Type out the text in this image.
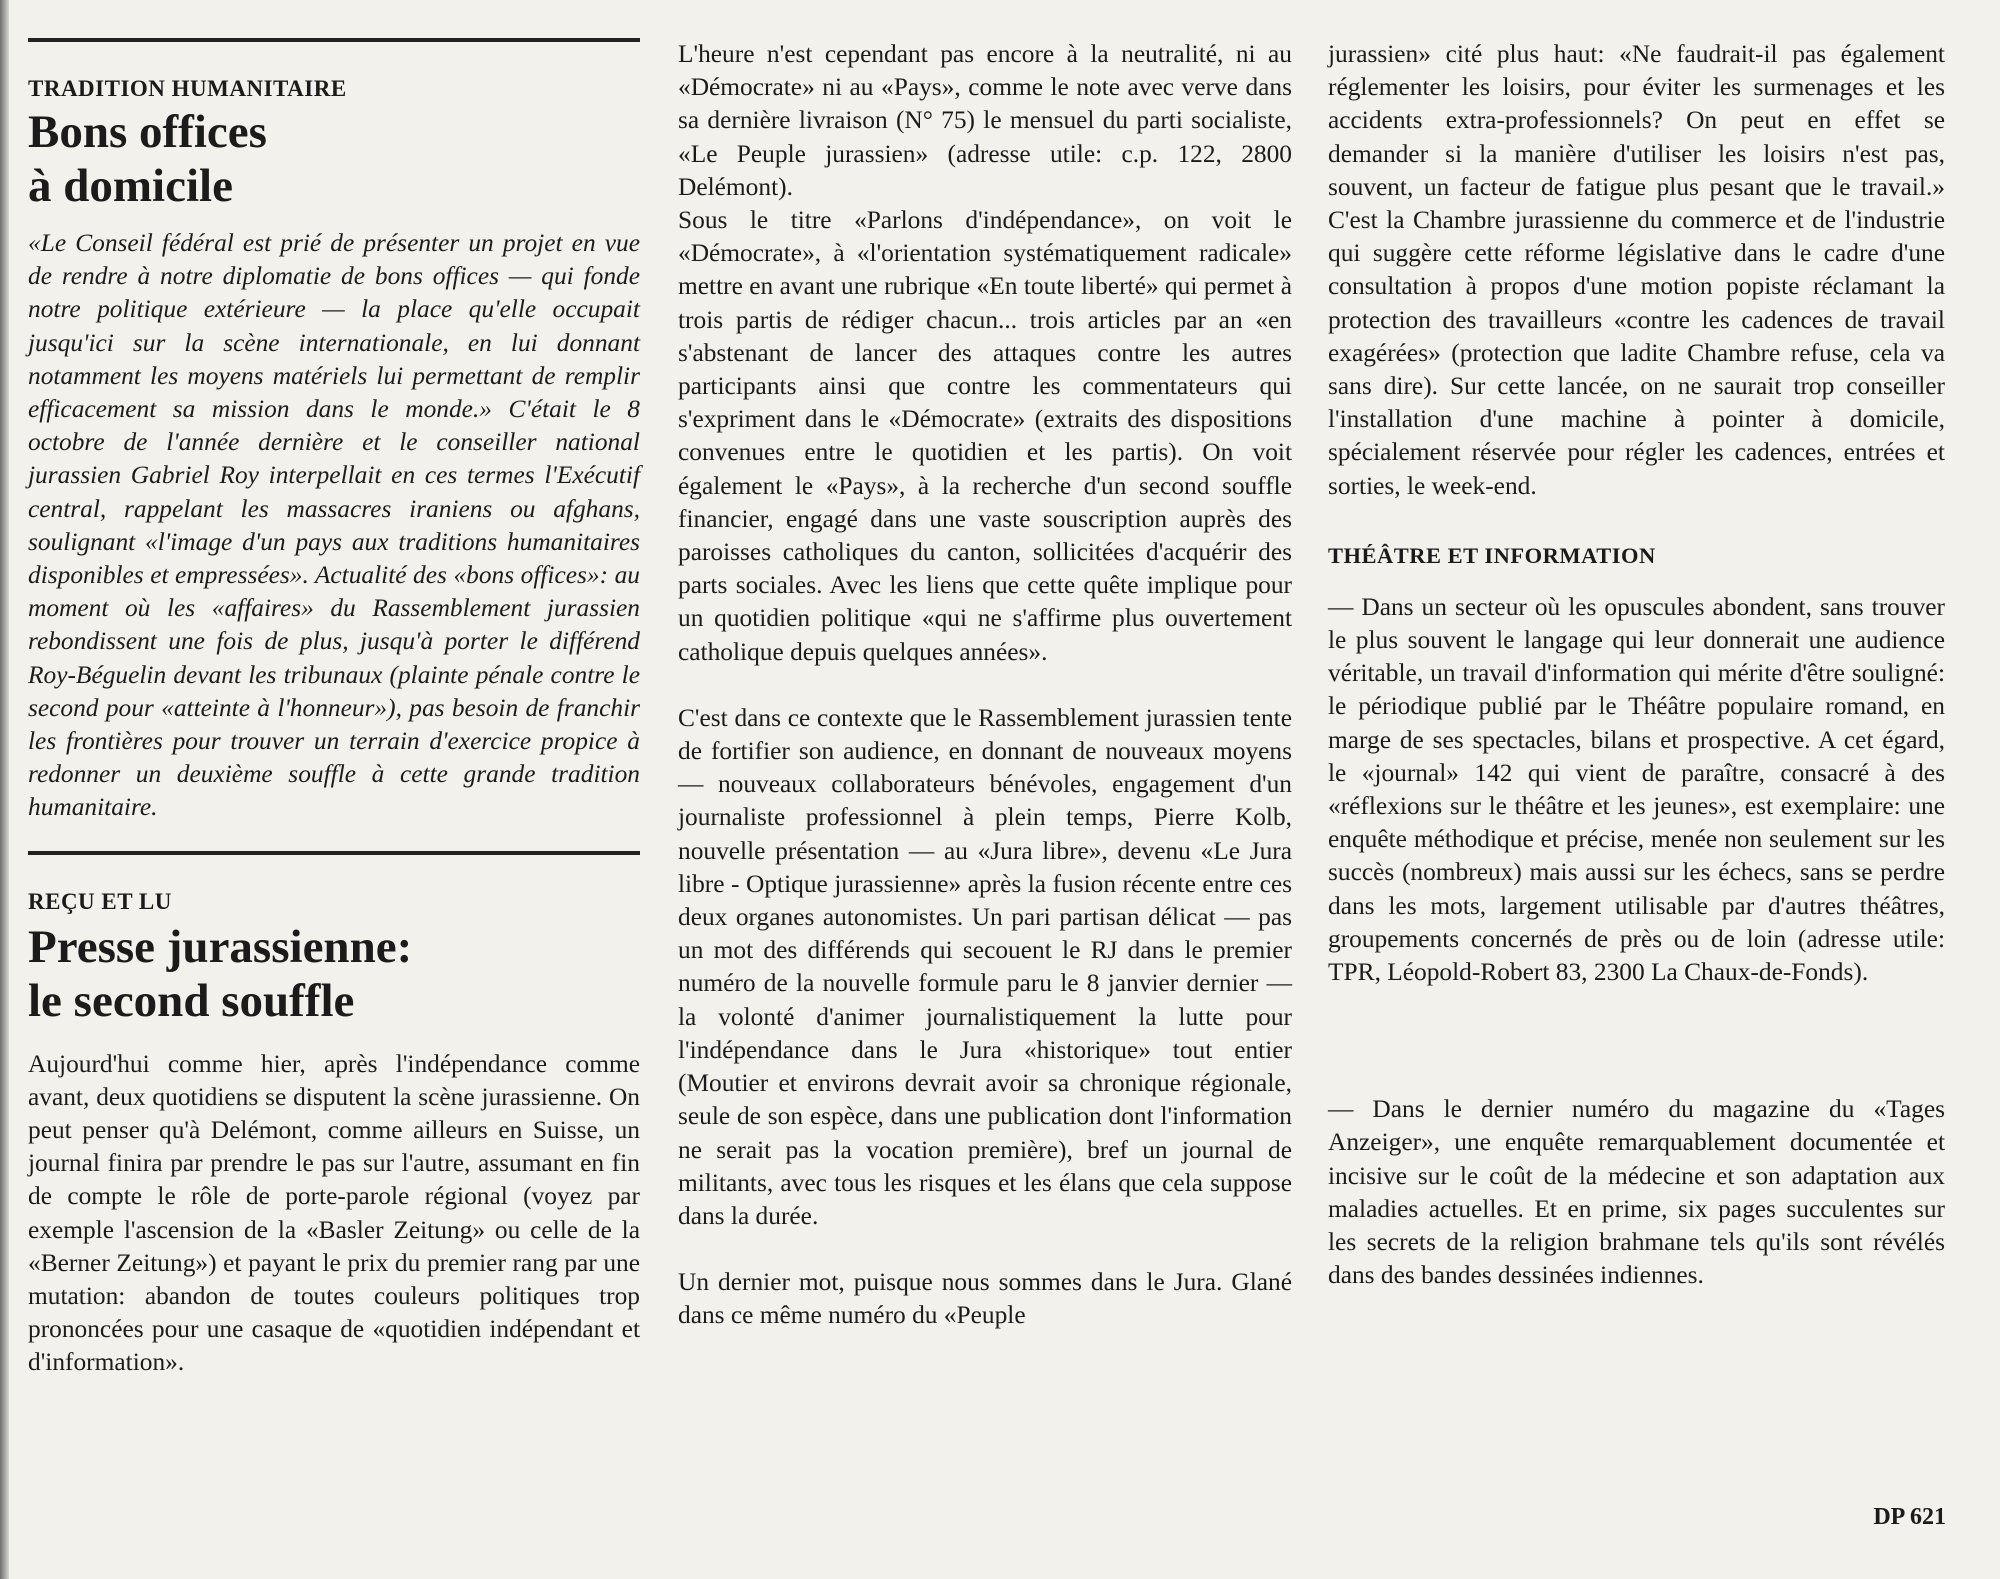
TRADITION HUMANITAIRE

Bons offices
à domicile

«Le Conseil fédéral est prié de présenter un projet en vue de rendre à notre diplomatie de bons offices — qui fonde notre politique extérieure — la place qu'elle occupait jusqu'ici sur la scène internationale, en lui donnant notamment les moyens matériels lui permettant de remplir efficacement sa mission dans le monde.» C'était le 8 octobre de l'année dernière et le conseiller national jurassien Gabriel Roy interpellait en ces termes l'Exécutif central, rappelant les massacres iraniens ou afghans, soulignant «l'image d'un pays aux traditions humanitaires disponibles et empressées». Actualité des «bons offices»: au moment où les «affaires» du Rassemblement jurassien rebondissent une fois de plus, jusqu'à porter le différend Roy-Béguelin devant les tribunaux (plainte pénale contre le second pour «atteinte à l'honneur»), pas besoin de franchir les frontières pour trouver un terrain d'exercice propice à redonner un deuxième souffle à cette grande tradition humanitaire.

REÇU ET LU

Presse jurassienne:
le second souffle

Aujourd'hui comme hier, après l'indépendance comme avant, deux quotidiens se disputent la scène jurassienne. On peut penser qu'à Delémont, comme ailleurs en Suisse, un journal finira par prendre le pas sur l'autre, assumant en fin de compte le rôle de porte-parole régional (voyez par exemple l'ascension de la «Basler Zeitung» ou celle de la «Berner Zeitung») et payant le prix du premier rang par une mutation: abandon de toutes couleurs politiques trop prononcées pour une casaque de «quotidien indépendant et d'information».

L'heure n'est cependant pas encore à la neutralité, ni au «Démocrate» ni au «Pays», comme le note avec verve dans sa dernière livraison (N° 75) le mensuel du parti socialiste, «Le Peuple jurassien» (adresse utile: c.p. 122, 2800 Delémont).

Sous le titre «Parlons d'indépendance», on voit le «Démocrate», à «l'orientation systématiquement radicale» mettre en avant une rubrique «En toute liberté» qui permet à trois partis de rédiger chacun... trois articles par an «en s'abstenant de lancer des attaques contre les autres participants ainsi que contre les commentateurs qui s'expriment dans le «Démocrate» (extraits des dispositions convenues entre le quotidien et les partis). On voit également le «Pays», à la recherche d'un second souffle financier, engagé dans une vaste souscription auprès des paroisses catholiques du canton, sollicitées d'acquérir des parts sociales. Avec les liens que cette quête implique pour un quotidien politique «qui ne s'affirme plus ouvertement catholique depuis quelques années».

C'est dans ce contexte que le Rassemblement jurassien tente de fortifier son audience, en donnant de nouveaux moyens — nouveaux collaborateurs bénévoles, engagement d'un journaliste professionnel à plein temps, Pierre Kolb, nouvelle présentation — au «Jura libre», devenu «Le Jura libre - Optique jurassienne» après la fusion récente entre ces deux organes autonomistes. Un pari partisan délicat — pas un mot des différends qui secouent le RJ dans le premier numéro de la nouvelle formule paru le 8 janvier dernier — la volonté d'animer journalistiquement la lutte pour l'indépendance dans le Jura «historique» tout entier (Moutier et environs devrait avoir sa chronique régionale, seule de son espèce, dans une publication dont l'information ne serait pas la vocation première), bref un journal de militants, avec tous les risques et les élans que cela suppose dans la durée.

Un dernier mot, puisque nous sommes dans le Jura. Glané dans ce même numéro du «Peuple

jurassien» cité plus haut: «Ne faudrait-il pas également réglementer les loisirs, pour éviter les surmenages et les accidents extra-professionnels? On peut en effet se demander si la manière d'utiliser les loisirs n'est pas, souvent, un facteur de fatigue plus pesant que le travail.» C'est la Chambre jurassienne du commerce et de l'industrie qui suggère cette réforme législative dans le cadre d'une consultation à propos d'une motion popiste réclamant la protection des travailleurs «contre les cadences de travail exagérées» (protection que ladite Chambre refuse, cela va sans dire). Sur cette lancée, on ne saurait trop conseiller l'installation d'une machine à pointer à domicile, spécialement réservée pour régler les cadences, entrées et sorties, le week-end.

THÉÂTRE ET INFORMATION

— Dans un secteur où les opuscules abondent, sans trouver le plus souvent le langage qui leur donnerait une audience véritable, un travail d'information qui mérite d'être souligné: le périodique publié par le Théâtre populaire romand, en marge de ses spectacles, bilans et prospective. A cet égard, le «journal» 142 qui vient de paraître, consacré à des «réflexions sur le théâtre et les jeunes», est exemplaire: une enquête méthodique et précise, menée non seulement sur les succès (nombreux) mais aussi sur les échecs, sans se perdre dans les mots, largement utilisable par d'autres théâtres, groupements concernés de près ou de loin (adresse utile: TPR, Léopold-Robert 83, 2300 La Chaux-de-Fonds).

— Dans le dernier numéro du magazine du «Tages Anzeiger», une enquête remarquablement documentée et incisive sur le coût de la médecine et son adaptation aux maladies actuelles. Et en prime, six pages succulentes sur les secrets de la religion brahmane tels qu'ils sont révélés dans des bandes dessinées indiennes.

DP 621
